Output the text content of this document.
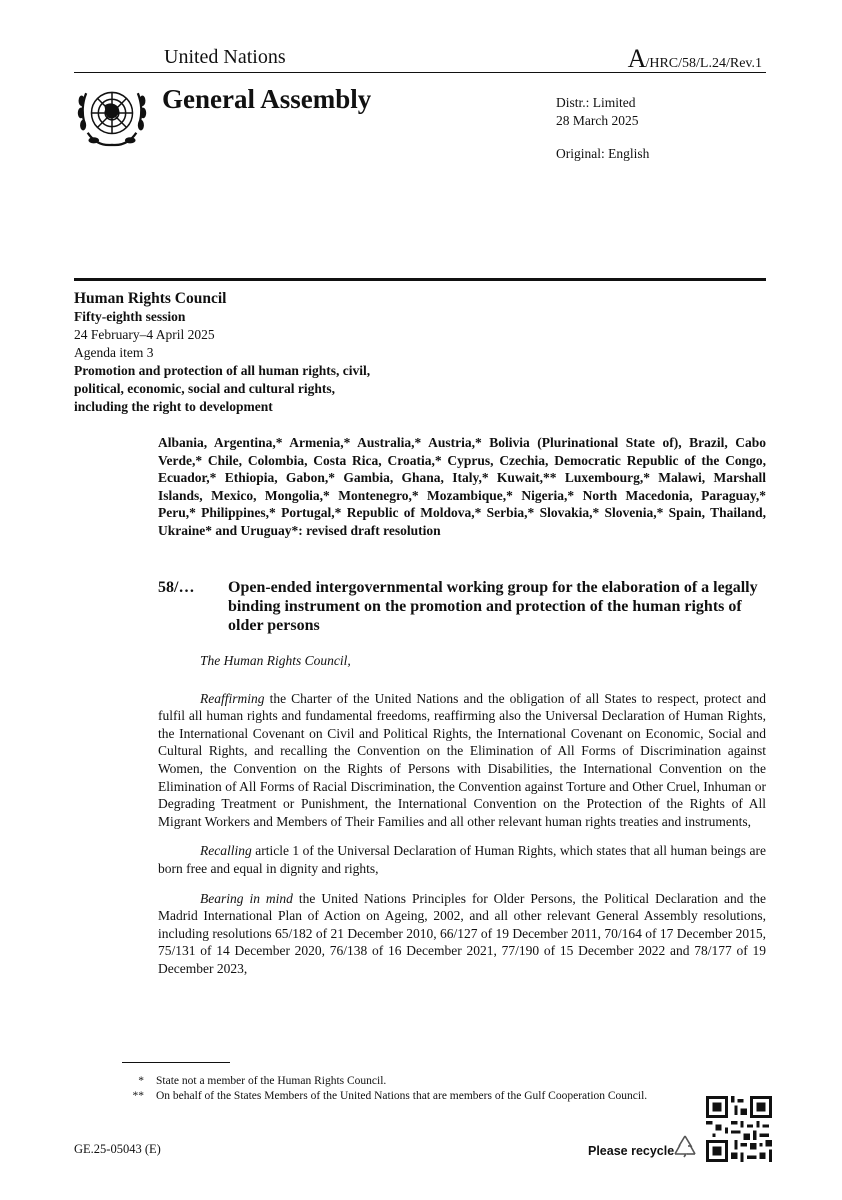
United Nations	A/HRC/58/L.24/Rev.1
General Assembly	Distr.: Limited
28 March 2025
Original: English
Human Rights Council
Fifty-eighth session
24 February–4 April 2025
Agenda item 3
Promotion and protection of all human rights, civil,
political, economic, social and cultural rights,
including the right to development
Albania, Argentina,* Armenia,* Australia,* Austria,* Bolivia (Plurinational State of), Brazil, Cabo Verde,* Chile, Colombia, Costa Rica, Croatia,* Cyprus, Czechia, Democratic Republic of the Congo, Ecuador,* Ethiopia, Gabon,* Gambia, Ghana, Italy,* Kuwait,** Luxembourg,* Malawi, Marshall Islands, Mexico, Mongolia,* Montenegro,* Mozambique,* Nigeria,* North Macedonia, Paraguay,* Peru,* Philippines,* Portugal,* Republic of Moldova,* Serbia,* Slovakia,* Slovenia,* Spain, Thailand, Ukraine* and Uruguay*: revised draft resolution
58/…	Open-ended intergovernmental working group for the elaboration of a legally binding instrument on the promotion and protection of the human rights of older persons

The Human Rights Council,

Reaffirming the Charter of the United Nations and the obligation of all States to respect, protect and fulfil all human rights and fundamental freedoms, reaffirming also the Universal Declaration of Human Rights, the International Covenant on Civil and Political Rights, the International Covenant on Economic, Social and Cultural Rights, and recalling the Convention on the Elimination of All Forms of Discrimination against Women, the Convention on the Rights of Persons with Disabilities, the International Convention on the Elimination of All Forms of Racial Discrimination, the Convention against Torture and Other Cruel, Inhuman or Degrading Treatment or Punishment, the International Convention on the Protection of the Rights of All Migrant Workers and Members of Their Families and all other relevant human rights treaties and instruments,

Recalling article 1 of the Universal Declaration of Human Rights, which states that all human beings are born free and equal in dignity and rights,

Bearing in mind the United Nations Principles for Older Persons, the Political Declaration and the Madrid International Plan of Action on Ageing, 2002, and all other relevant General Assembly resolutions, including resolutions 65/182 of 21 December 2010, 66/127 of 19 December 2011, 70/164 of 17 December 2015, 75/131 of 14 December 2020, 76/138 of 16 December 2021, 77/190 of 15 December 2022 and 78/177 of 19 December 2023,

*	State not a member of the Human Rights Council.
**	On behalf of the States Members of the United Nations that are members of the Gulf Cooperation Council.
GE.25-05043 (E)	Please recycle
